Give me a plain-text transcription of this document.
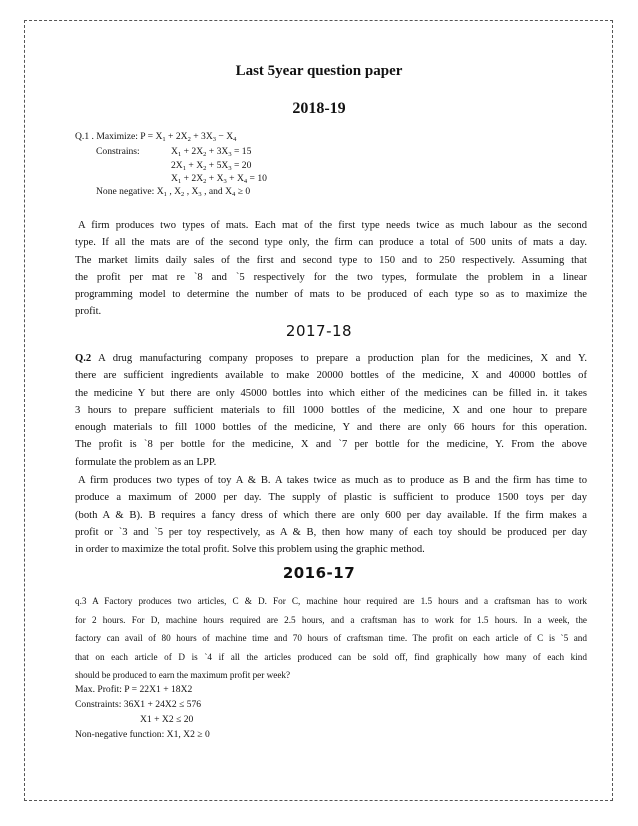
Last 5year question paper
2018-19
Q.1 . Maximize: $P = X_1 + 2X_2 + 3X_3 - X_4$
Constrains:	$X_1 + 2X_2 + 3X_3 = 15$
$2X_1 + X_2 + 5X_3 = 20$
$X_1 + 2X_2 + X_3 + X_4 = 10$
None negative: $X_1$ , $X_2$ , $X_3$ , and $X_4 \ge 0$
A firm produces two types of mats. Each mat of the first type needs twice as much labour as the second
type. If all the mats are of the second type only, the firm can produce a total of 500 units of mats a day.
The market limits daily sales of the first and second type to 150 and to 250 respectively. Assuming that
the profit per mat re `8 and `5 respectively for the two types, formulate the problem in a linear
programming model to determine the number of mats to be produced of each type so as to maximize the
profit.
2017-18
Q.2 A drug manufacturing company proposes to prepare a production plan for the medicines, X and Y.
there are sufficient ingredients available to make 20000 bottles of the medicine, X and 40000 bottles of
the medicine Y but there are only 45000 bottles into which either of the medicines can be filled in. it takes
3 hours to prepare sufficient materials to fill 1000 bottles of the medicine, X and one hour to prepare
enough materials to fill 1000 bottles of the medicine, Y and there are only 66 hours for this operation.
The profit is `8 per bottle for the medicine, X and `7 per bottle for the medicine, Y. From the above
formulate the problem as an LPP.
A firm produces two types of toy A & B. A takes twice as much as to produce as B and the firm has time to
produce a maximum of 2000 per day. The supply of plastic is sufficient to produce 1500 toys per day
(both A & B). B requires a fancy dress of which there are only 600 per day available. If the firm makes a
profit or `3 and `5 per toy respectively, as A & B, then how many of each toy should be produced per day
in order to maximize the total profit. Solve this problem using the graphic method.
2016-17
q.3 A Factory produces two articles, C & D. For C, machine hour required are 1.5 hours and a craftsman has to work
for 2 hours. For D, machine hours required are 2.5 hours, and a craftsman has to work for 1.5 hours. In a week, the
factory can avail of 80 hours of machine time and 70 hours of craftsman time. The profit on each article of C is `5 and
that on each article of D is `4 if all the articles produced can be sold off, find graphically how many of each kind
should be produced to earn the maximum profit per week?
Max. Profit: P = 22X1 + 18X2
Constraints: 36X1 + 24X2 ≤ 576
X1 + X2 ≤ 20
Non-negative function: X1, X2 ≥ 0
